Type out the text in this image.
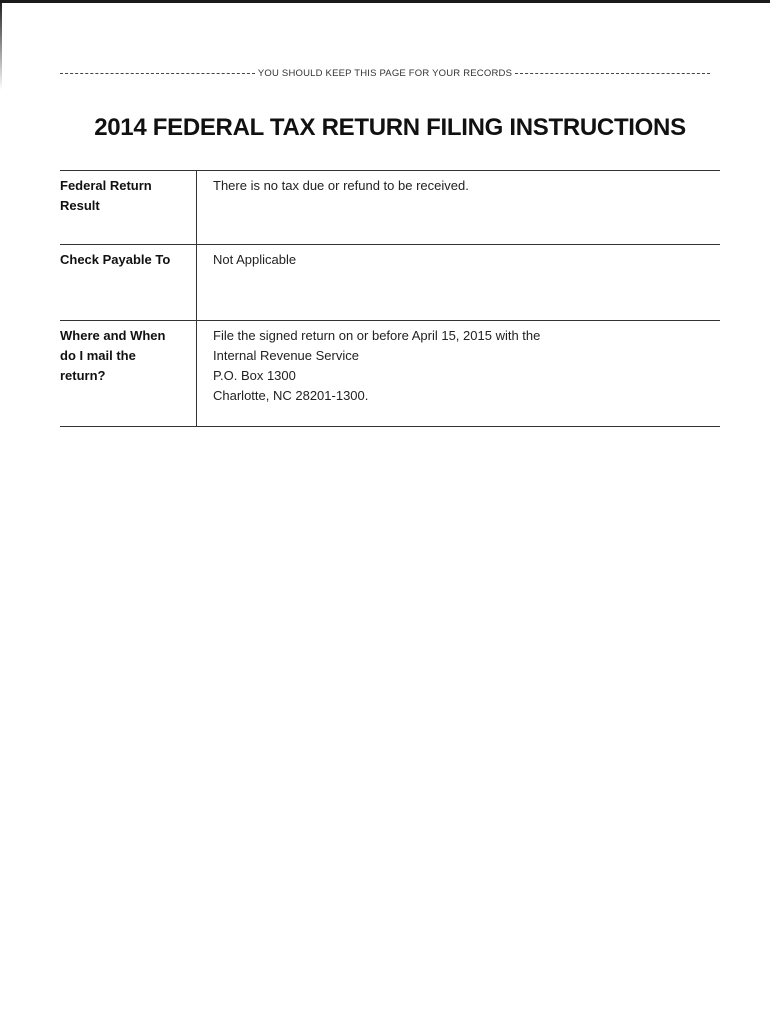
YOU SHOULD KEEP THIS PAGE FOR YOUR RECORDS
2014 FEDERAL TAX RETURN FILING INSTRUCTIONS
Federal Return
Result	There is no tax due or refund to be received.

Check Payable To	Not Applicable

Where and When
do I mail the
return?	File the signed return on or before April 15, 2015 with the
Internal Revenue Service
P.O. Box 1300
Charlotte, NC 28201-1300.
